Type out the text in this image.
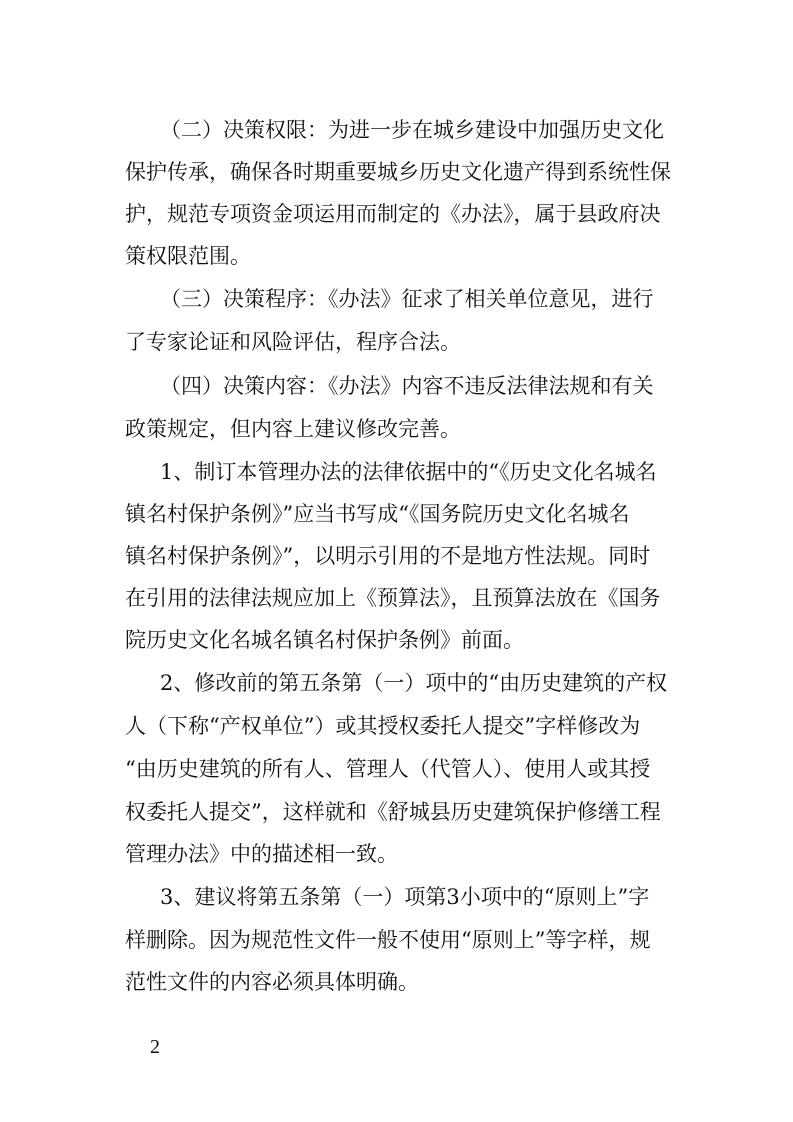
（二）决策权限：为进一步在城乡建设中加强历史文化
保护传承，确保各时期重要城乡历史文化遗产得到系统性保
护，规范专项资金项运用而制定的《办法》，属于县政府决
策权限范围。
（三）决策程序：《办法》征求了相关单位意见，进行
了专家论证和风险评估，程序合法。
（四）决策内容：《办法》内容不违反法律法规和有关
政策规定，但内容上建议修改完善。
1、制订本管理办法的法律依据中的“《历史文化名城名
镇名村保护条例》”应当书写成“《国务院历史文化名城名
镇名村保护条例》”，以明示引用的不是地方性法规。同时
在引用的法律法规应加上《预算法》，且预算法放在《国务
院历史文化名城名镇名村保护条例》前面。
2、修改前的第五条第（一）项中的“由历史建筑的产权
人（下称“产权单位”）或其授权委托人提交”字样修改为
“由历史建筑的所有人、管理人（代管人）、使用人或其授
权委托人提交”，这样就和《舒城县历史建筑保护修缮工程
管理办法》中的描述相一致。
3、建议将第五条第（一）项第3小项中的“原则上”字
样删除。因为规范性文件一般不使用“原则上”等字样，规
范性文件的内容必须具体明确。
2
